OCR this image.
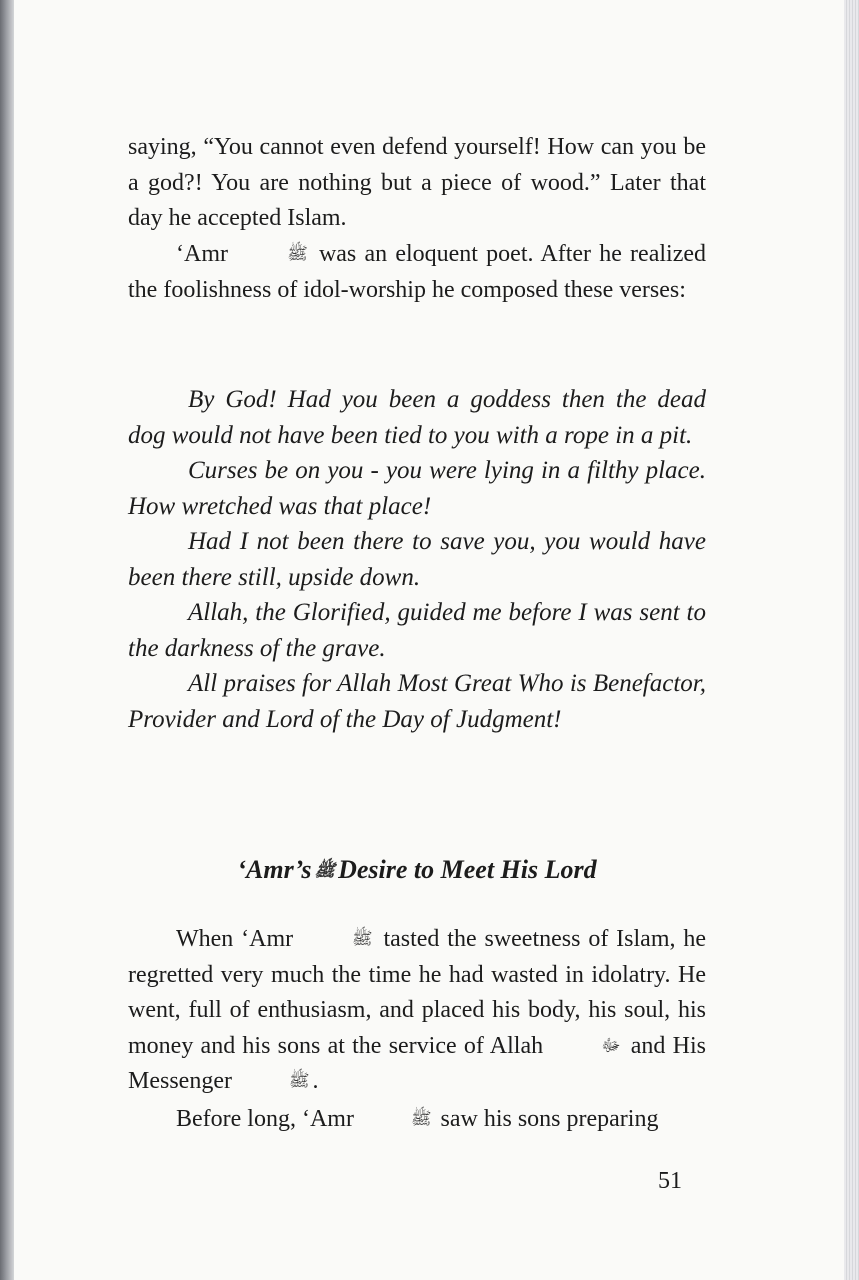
saying, “You cannot even defend yourself! How can you be a god?! You are nothing but a piece of wood.” Later that day he accepted Islam.

‘Amr	ﷺ was an eloquent poet. After he realized the foolishness of idol-worship he composed these verses:

By God! Had you been a goddess then the dead dog would not have been tied to you with a rope in a pit.

Curses be on you - you were lying in a filthy place. How wretched was that place!

Had I not been there to save you, you would have been there still, upside down.

Allah, the Glorified, guided me before I was sent to the darkness of the grave.

All praises for Allah Most Great Who is Benefactor, Provider and Lord of the Day of Judgment!

‘Amr’s ﷺ Desire to Meet His Lord

When ‘Amr	ﷺ tasted the sweetness of Islam, he regretted very much the time he had wasted in idolatry. He went, full of enthusiasm, and placed his body, his soul, his money and his sons at the service of Allah	ﷻ and His Messenger	ﷺ .

Before long, ‘Amr	ﷺ saw his sons preparing

51
